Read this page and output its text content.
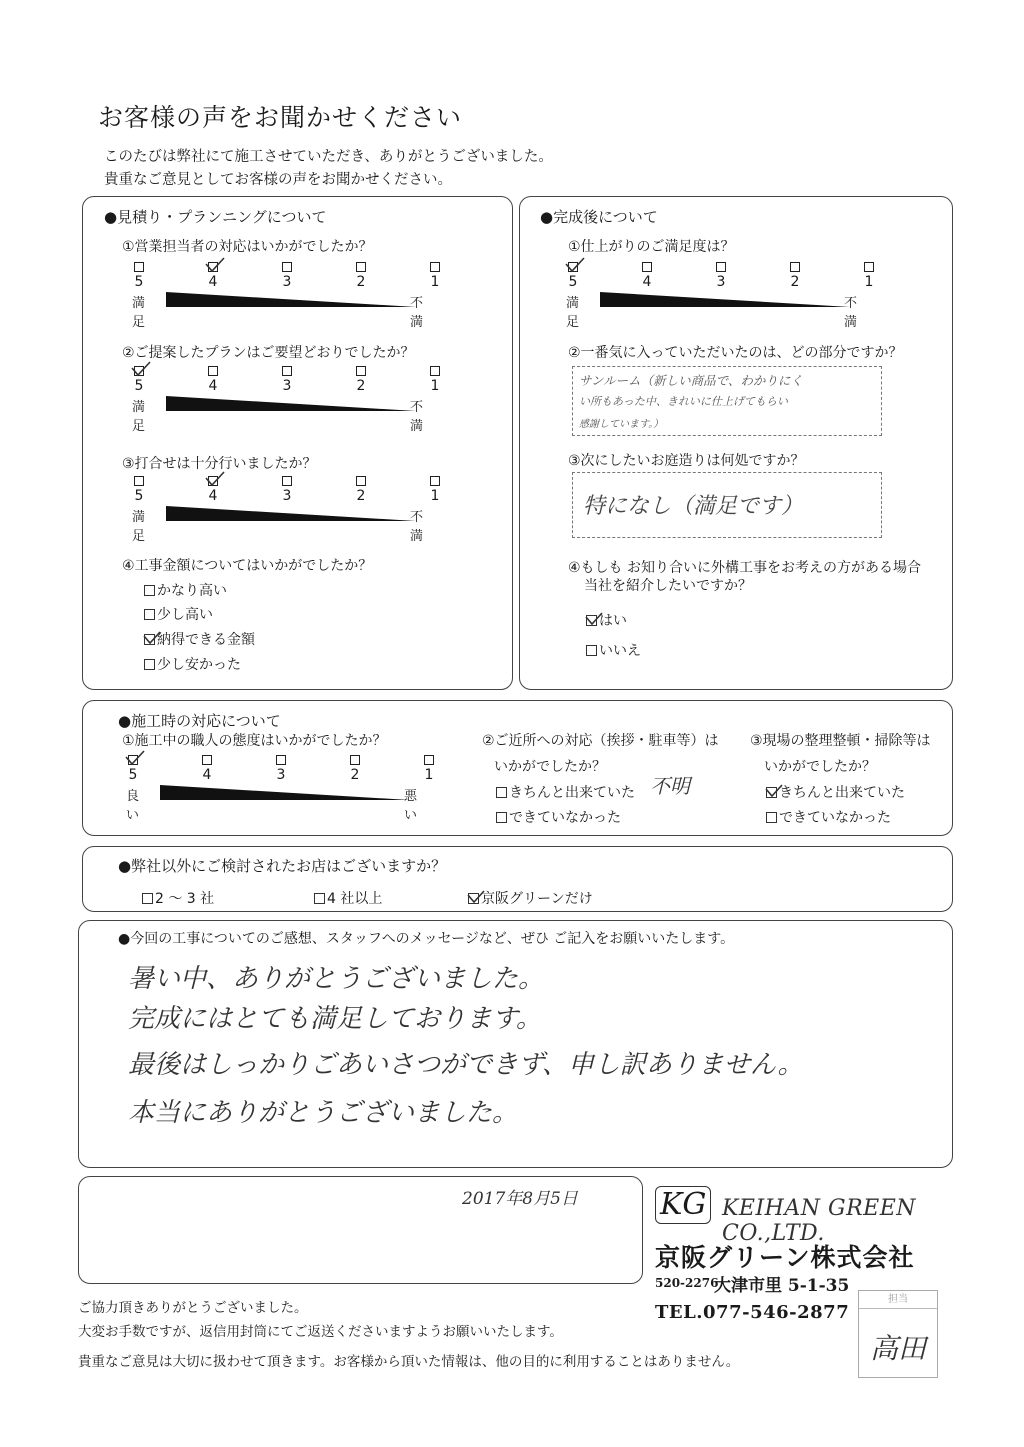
お客様の声をお聞かせください
このたびは弊社にて施工させていただき、ありがとうございました。
貴重なご意見としてお客様の声をお聞かせください。
●見積り・プランニングについて
①営業担当者の対応はいかがでしたか？
5	4	3	2	1
満足
不満
②ご提案したプランはご要望どおりでしたか？
5	4	3	2	1
満足
不満
③打合せは十分行いましたか？
5	4	3	2	1
満足
不満
④工事金額についてはいかがでしたか？
かなり高い
少し高い
納得できる金額
少し安かった
●完成後について
①仕上がりのご満足度は？
5	4	3	2	1
満足
不満
②一番気に入っていただいたのは、どの部分ですか？
サンルーム（新しい商品で、わかりにく
い所もあった中、きれいに仕上げてもらい
感謝しています。）
③次にしたいお庭造りは何処ですか？
特になし（満足です）
④もしも お知り合いに外構工事をお考えの方がある場合
当社を紹介したいですか？
はい
いいえ
●施工時の対応について
①施工中の職人の態度はいかがでしたか？
5	4	3	2	1
良い
悪い
②ご近所への対応（挨拶・駐車等）は
いかがでしたか？
きちんと出来ていた
できていなかった
不明
③現場の整理整頓・掃除等は
いかがでしたか？
きちんと出来ていた
できていなかった
●弊社以外にご検討されたお店はございますか？
2 ～ 3 社	4 社以上	京阪グリーンだけ
●今回の工事についてのご感想、スタッフへのメッセージなど、ぜひ ご記入をお願いいたします。
暑い中、ありがとうございました。
完成にはとても満足しております。
最後はしっかりごあいさつができず、申し訳ありません。
本当にありがとうございました。
2017年8月5日	KG KEIHAN GREEN CO.,LTD.
京阪グリーン株式会社
520-2276
大津市里 5-1-35
TEL.077-546-2877
ご協力頂きありがとうございました。
大変お手数ですが、返信用封筒にてご返送くださいますようお願いいたします。
貴重なご意見は大切に扱わせて頂きます。お客様から頂いた情報は、他の目的に利用することはありません。
担当
高田
